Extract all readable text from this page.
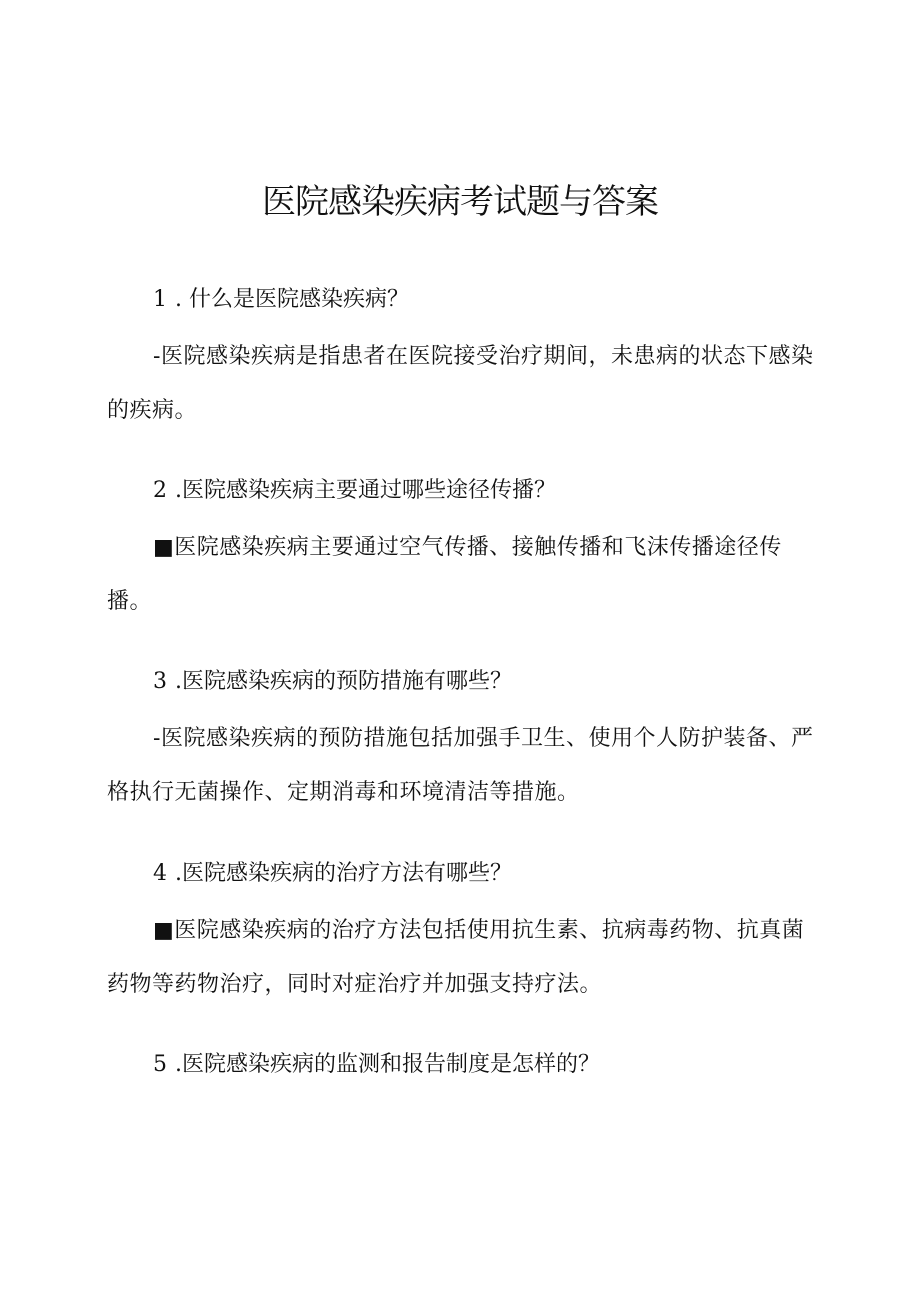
医院感染疾病考试题与答案
1 . 什么是医院感染疾病？
-医院感染疾病是指患者在医院接受治疗期间，未患病的状态下感染的疾病。
2 .医院感染疾病主要通过哪些途径传播？
■医院感染疾病主要通过空气传播、接触传播和飞沫传播途径传播。
3 .医院感染疾病的预防措施有哪些？
-医院感染疾病的预防措施包括加强手卫生、使用个人防护装备、严格执行无菌操作、定期消毒和环境清洁等措施。
4 .医院感染疾病的治疗方法有哪些？
■医院感染疾病的治疗方法包括使用抗生素、抗病毒药物、抗真菌药物等药物治疗，同时对症治疗并加强支持疗法。
5 .医院感染疾病的监测和报告制度是怎样的？
